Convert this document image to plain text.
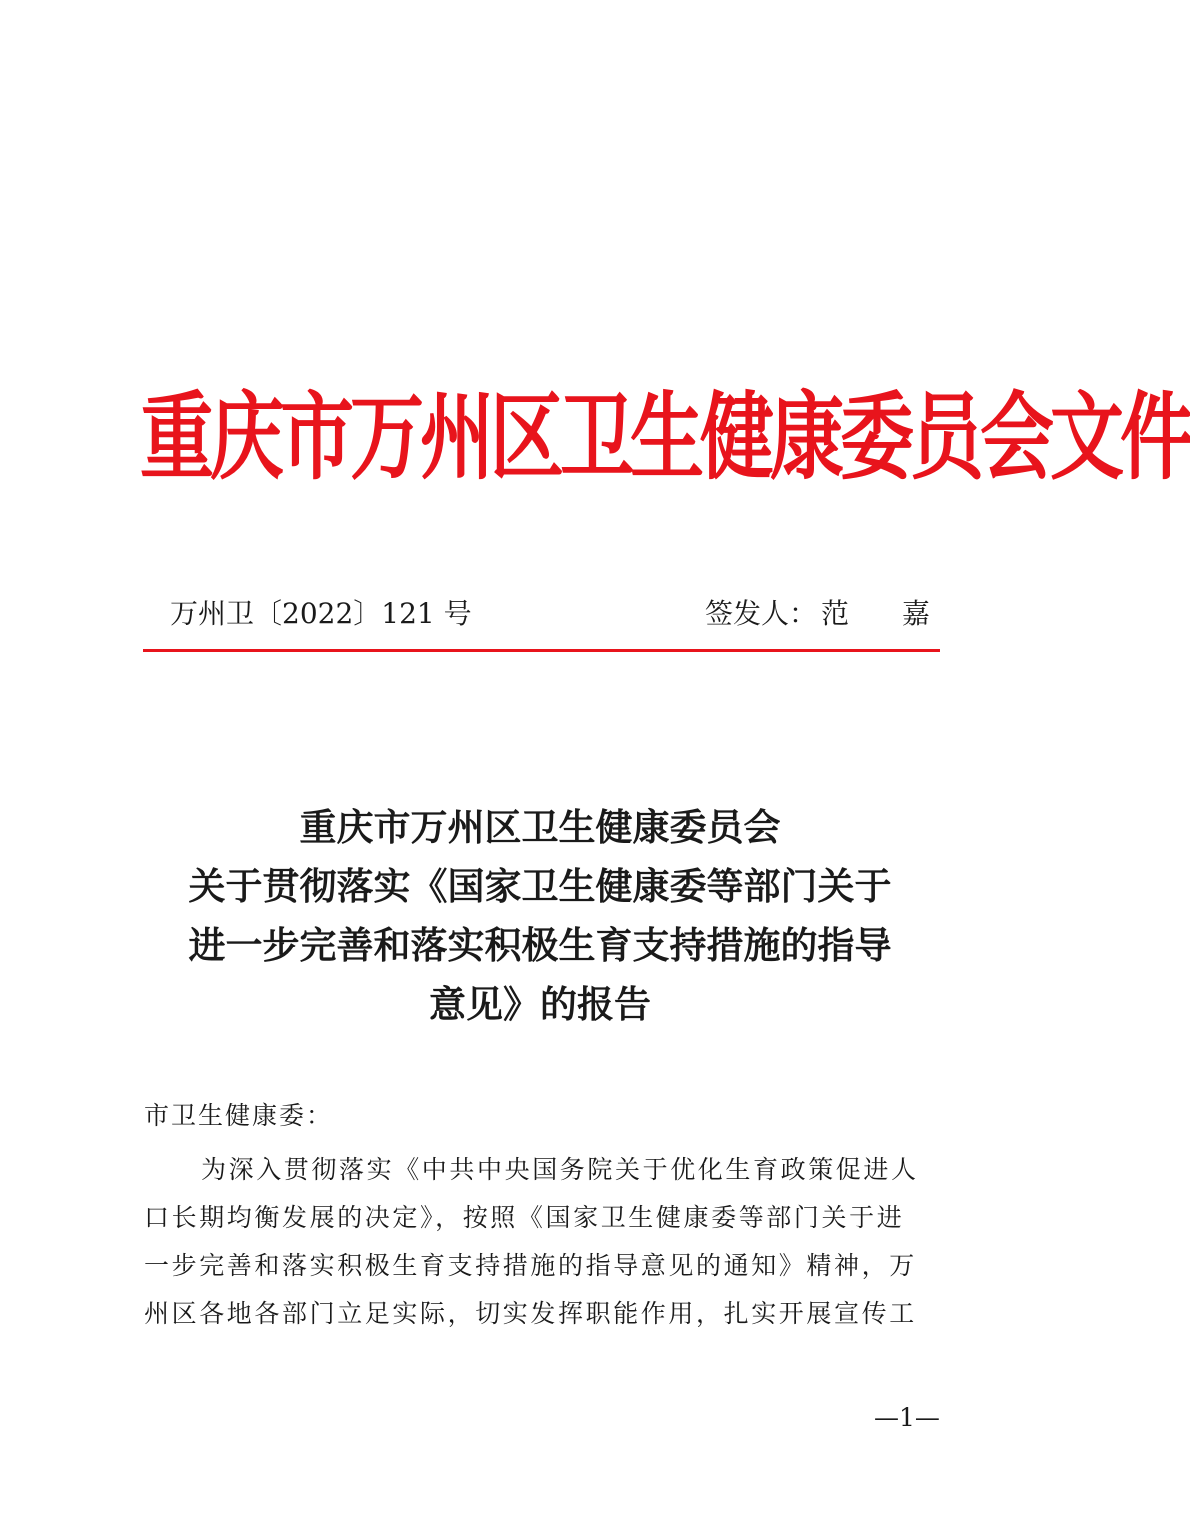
重庆市万州区卫生健康委员会文件
万州卫〔2022〕121 号	签发人： 范 嘉
重庆市万州区卫生健康委员会
关于贯彻落实《国家卫生健康委等部门关于
进一步完善和落实积极生育支持措施的指导
意见》的报告
市卫生健康委：
为深入贯彻落实《中共中央国务院关于优化生育政策促进人
口长期均衡发展的决定》，按照《国家卫生健康委等部门关于进
一步完善和落实积极生育支持措施的指导意见的通知》精神，万
州区各地各部门立足实际，切实发挥职能作用，扎实开展宣传工
—1—
